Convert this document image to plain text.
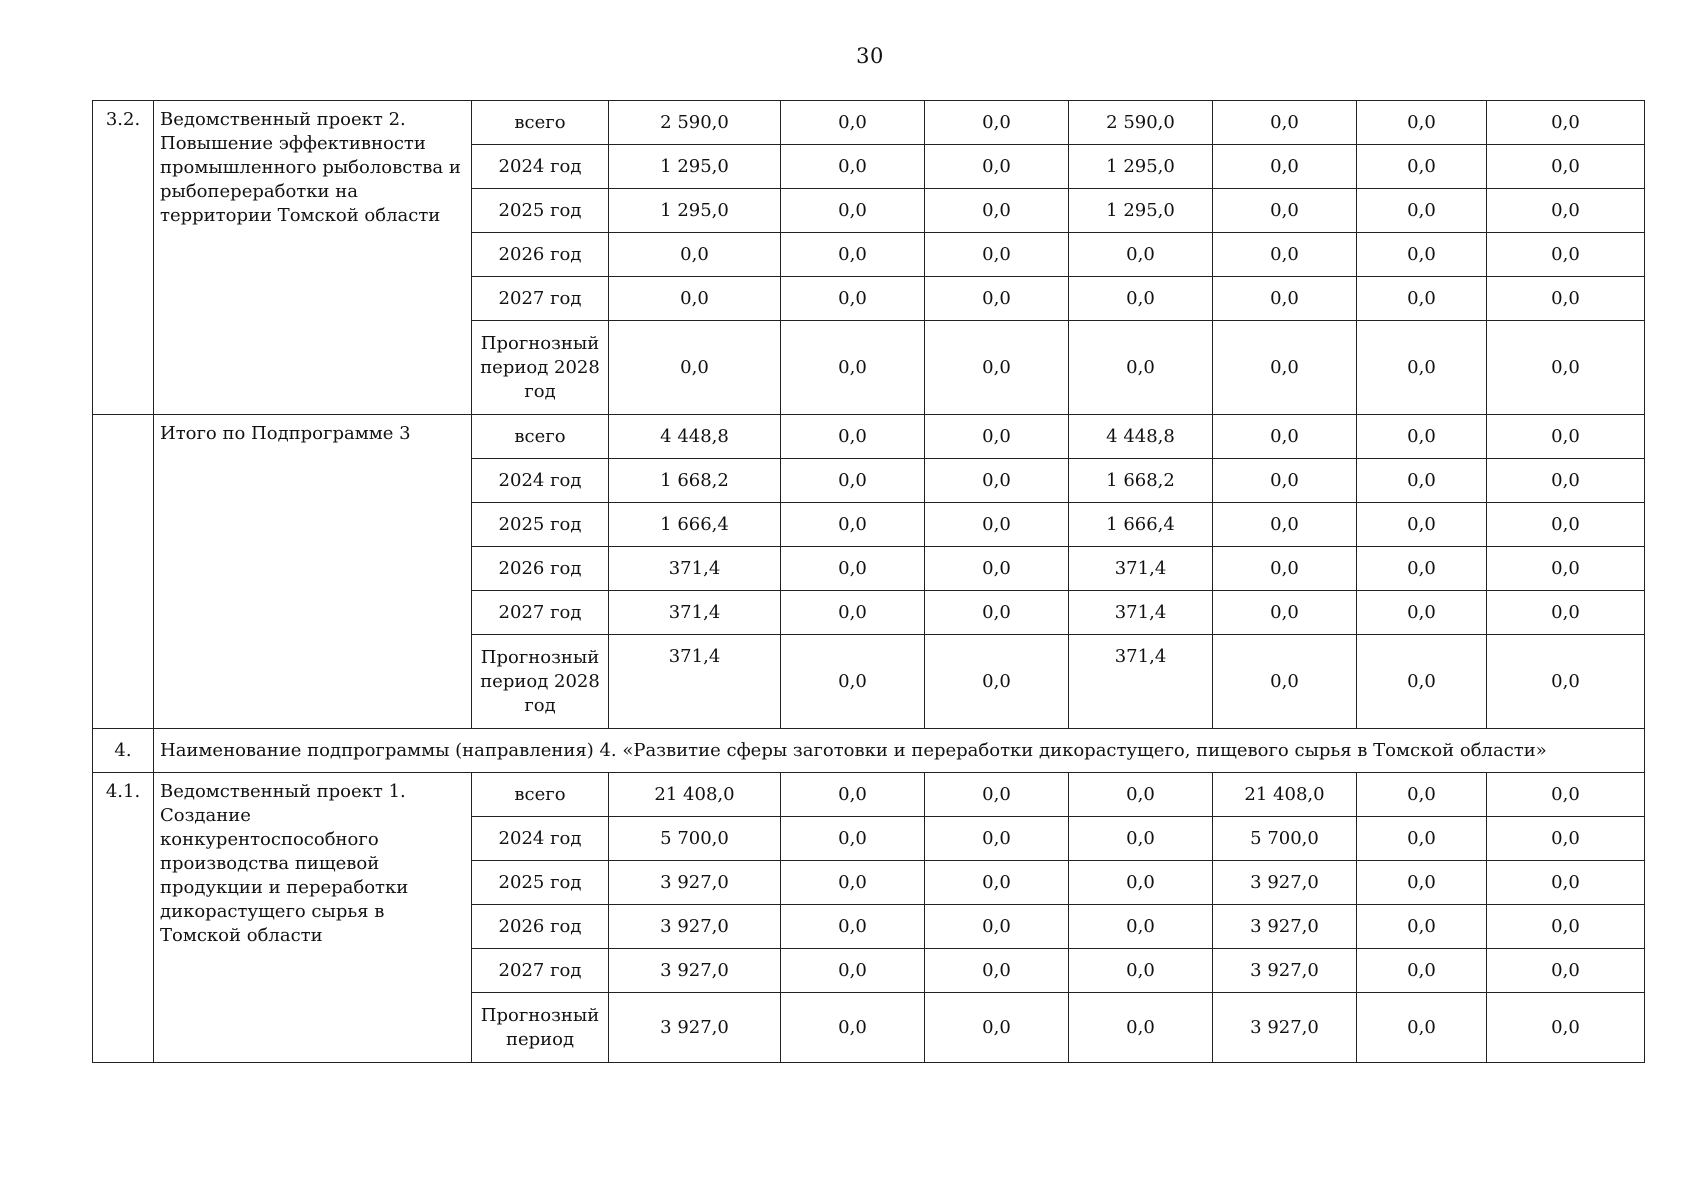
30
3.2.	Ведомственный проект 2. Повышение эффективности промышленного рыболовства и рыбопереработки на территории Томской области	всего	2 590,0	0,0	0,0	2 590,0	0,0	0,0	0,0
		2024 год	1 295,0	0,0	0,0	1 295,0	0,0	0,0	0,0
		2025 год	1 295,0	0,0	0,0	1 295,0	0,0	0,0	0,0
		2026 год	0,0	0,0	0,0	0,0	0,0	0,0	0,0
		2027 год	0,0	0,0	0,0	0,0	0,0	0,0	0,0
		Прогнозный период 2028 год	0,0	0,0	0,0	0,0	0,0	0,0	0,0
	Итого по Подпрограмме 3	всего	4 448,8	0,0	0,0	4 448,8	0,0	0,0	0,0
		2024 год	1 668,2	0,0	0,0	1 668,2	0,0	0,0	0,0
		2025 год	1 666,4	0,0	0,0	1 666,4	0,0	0,0	0,0
		2026 год	371,4	0,0	0,0	371,4	0,0	0,0	0,0
		2027 год	371,4	0,0	0,0	371,4	0,0	0,0	0,0
		Прогнозный период 2028 год	371,4	0,0	0,0	371,4	0,0	0,0	0,0
4.	Наименование подпрограммы (направления) 4. «Развитие сферы заготовки и переработки дикорастущего, пищевого сырья в Томской области»								
4.1.	Ведомственный проект 1. Создание конкурентоспособного производства пищевой продукции и переработки дикорастущего сырья в Томской области	всего	21 408,0	0,0	0,0	0,0	21 408,0	0,0	0,0
		2024 год	5 700,0	0,0	0,0	0,0	5 700,0	0,0	0,0
		2025 год	3 927,0	0,0	0,0	0,0	3 927,0	0,0	0,0
		2026 год	3 927,0	0,0	0,0	0,0	3 927,0	0,0	0,0
		2027 год	3 927,0	0,0	0,0	0,0	3 927,0	0,0	0,0
		Прогнозный период	3 927,0	0,0	0,0	0,0	3 927,0	0,0	0,0
